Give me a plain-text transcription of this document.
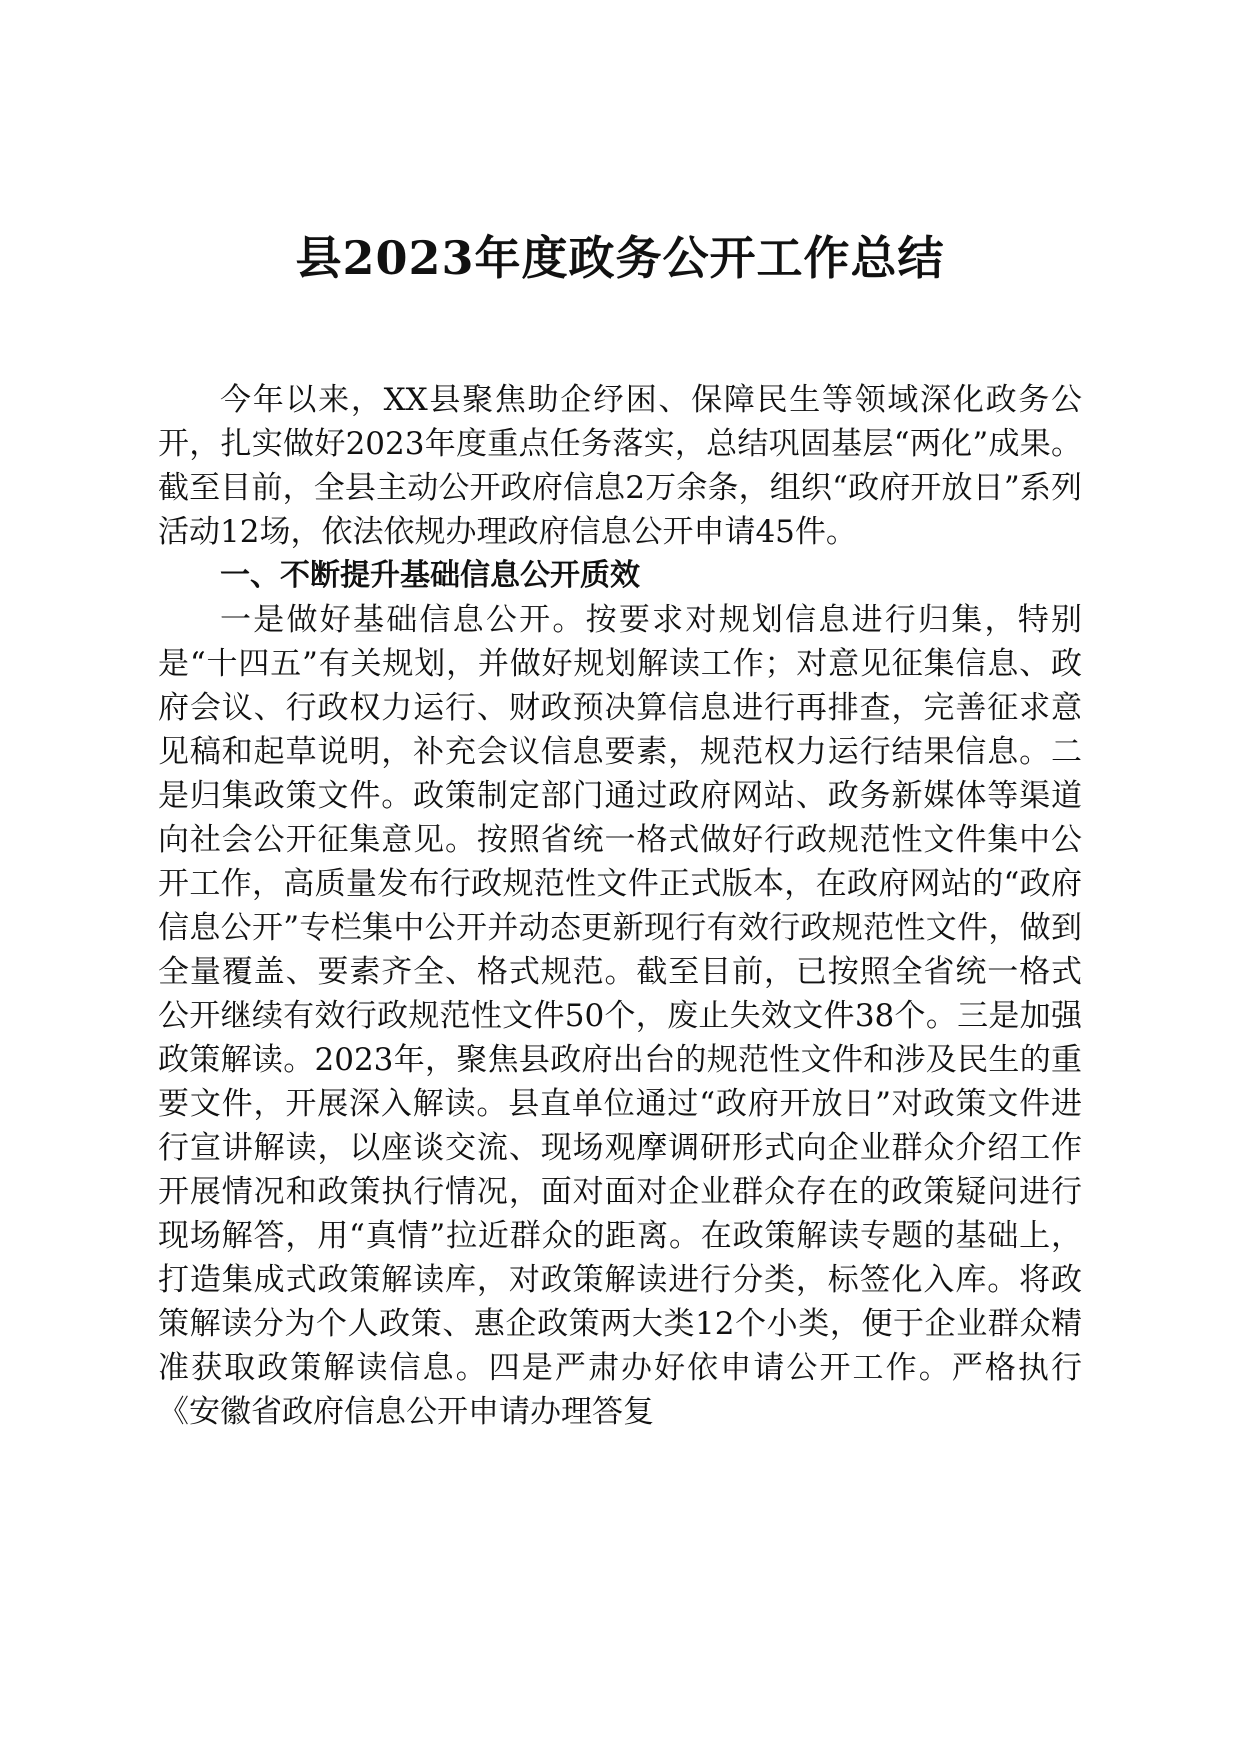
县2023年度政务公开工作总结

今年以来，XX县聚焦助企纾困、保障民生等领域深化政务公开，扎实做好2023年度重点任务落实，总结巩固基层“两化”成果。截至目前，全县主动公开政府信息2万余条，组织“政府开放日”系列活动12场，依法依规办理政府信息公开申请45件。

一、不断提升基础信息公开质效

一是做好基础信息公开。按要求对规划信息进行归集，特别是“十四五”有关规划，并做好规划解读工作；对意见征集信息、政府会议、行政权力运行、财政预决算信息进行再排查，完善征求意见稿和起草说明，补充会议信息要素，规范权力运行结果信息。二是归集政策文件。政策制定部门通过政府网站、政务新媒体等渠道向社会公开征集意见。按照省统一格式做好行政规范性文件集中公开工作，高质量发布行政规范性文件正式版本，在政府网站的“政府信息公开”专栏集中公开并动态更新现行有效行政规范性文件，做到全量覆盖、要素齐全、格式规范。截至目前，已按照全省统一格式公开继续有效行政规范性文件50个，废止失效文件38个。三是加强政策解读。2023年，聚焦县政府出台的规范性文件和涉及民生的重要文件，开展深入解读。县直单位通过“政府开放日”对政策文件进行宣讲解读，以座谈交流、现场观摩调研形式向企业群众介绍工作开展情况和政策执行情况，面对面对企业群众存在的政策疑问进行现场解答，用“真情”拉近群众的距离。在政策解读专题的基础上，打造集成式政策解读库，对政策解读进行分类，标签化入库。将政策解读分为个人政策、惠企政策两大类12个小类，便于企业群众精准获取政策解读信息。四是严肃办好依申请公开工作。严格执行《安徽省政府信息公开申请办理答复
